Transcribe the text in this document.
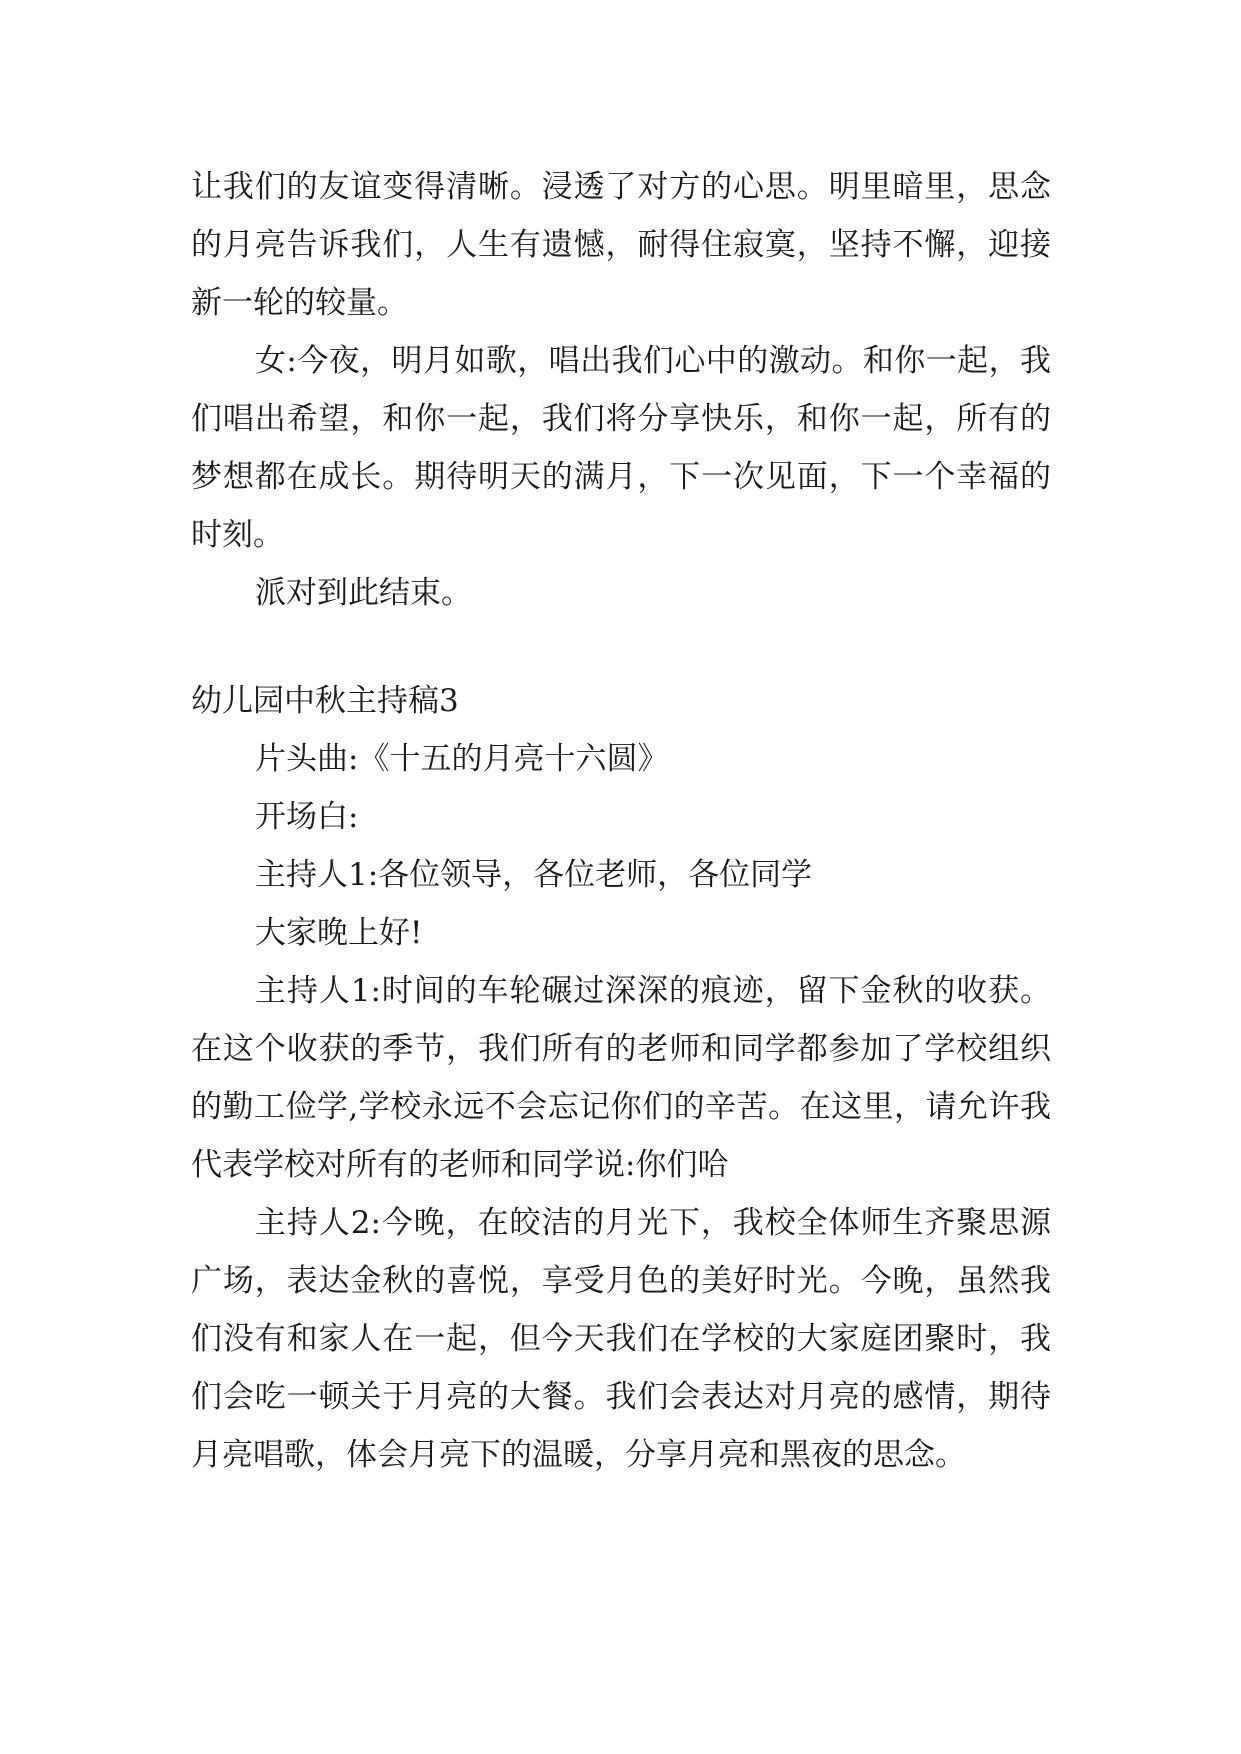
让我们的友谊变得清晰。浸透了对方的心思。明里暗里，思念的月亮告诉我们，人生有遗憾，耐得住寂寞，坚持不懈，迎接新一轮的较量。

女:今夜，明月如歌，唱出我们心中的激动。和你一起，我们唱出希望，和你一起，我们将分享快乐，和你一起，所有的梦想都在成长。期待明天的满月，下一次见面，下一个幸福的时刻。

派对到此结束。

幼儿园中秋主持稿3

片头曲:《十五的月亮十六圆》

开场白:

主持人1:各位领导，各位老师，各位同学

大家晚上好!

主持人1:时间的车轮碾过深深的痕迹，留下金秋的收获。在这个收获的季节，我们所有的老师和同学都参加了学校组织的勤工俭学,学校永远不会忘记你们的辛苦。在这里，请允许我代表学校对所有的老师和同学说:你们哈

主持人2:今晚，在皎洁的月光下，我校全体师生齐聚思源广场，表达金秋的喜悦，享受月色的美好时光。今晚，虽然我们没有和家人在一起，但今天我们在学校的大家庭团聚时，我们会吃一顿关于月亮的大餐。我们会表达对月亮的感情，期待月亮唱歌，体会月亮下的温暖，分享月亮和黑夜的思念。
